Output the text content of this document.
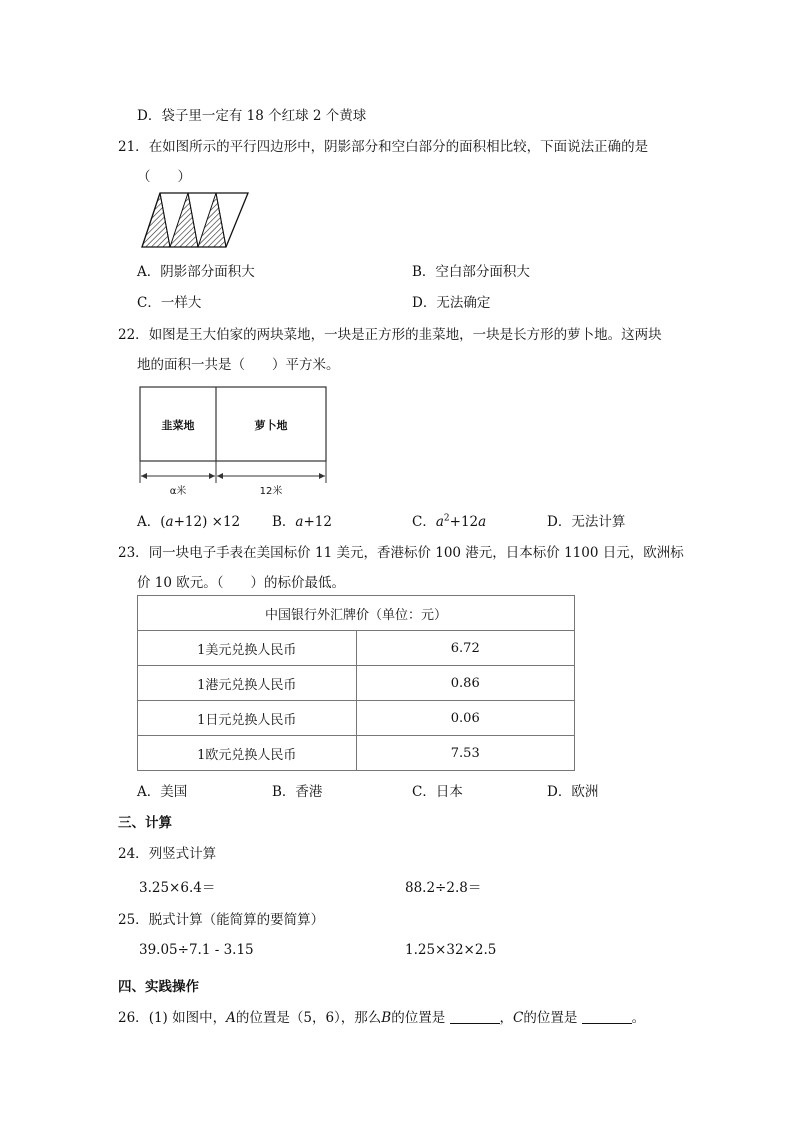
D．袋子里一定有 18 个红球 2 个黄球
21．在如图所示的平行四边形中，阴影部分和空白部分的面积相比较，下面说法正确的是
（　　）
A．阴影部分面积大	B．空白部分面积大
C．一样大	D．无法确定
22．如图是王大伯家的两块菜地，一块是正方形的韭菜地，一块是长方形的萝卜地。这两块
地的面积一共是（　　）平方米。
韭菜地	萝卜地
α米	12米
A．(a+12) ×12 B．a+12	C．$a^2+12a$	D．无法计算
23．同一块电子手表在美国标价 11 美元，香港标价 100 港元，日本标价 1100 日元，欧洲标
价 10 欧元。（　　）的标价最低。
中国银行外汇牌价（单位：元）	
1美元兑换人民币	6.72
1港元兑换人民币	0.86
1日元兑换人民币	0.06
1欧元兑换人民币	7.53
A．美国	B．香港	C．日本	D．欧洲
三、计算
24．列竖式计算
3.25×6.4＝	88.2÷2.8＝
25．脱式计算（能简算的要简算）
39.05÷7.1 - 3.15	1.25×32×2.5
四、实践操作
26．(1) 如图中，A的位置是（5，6），那么B的位置是	，C的位置是	。
